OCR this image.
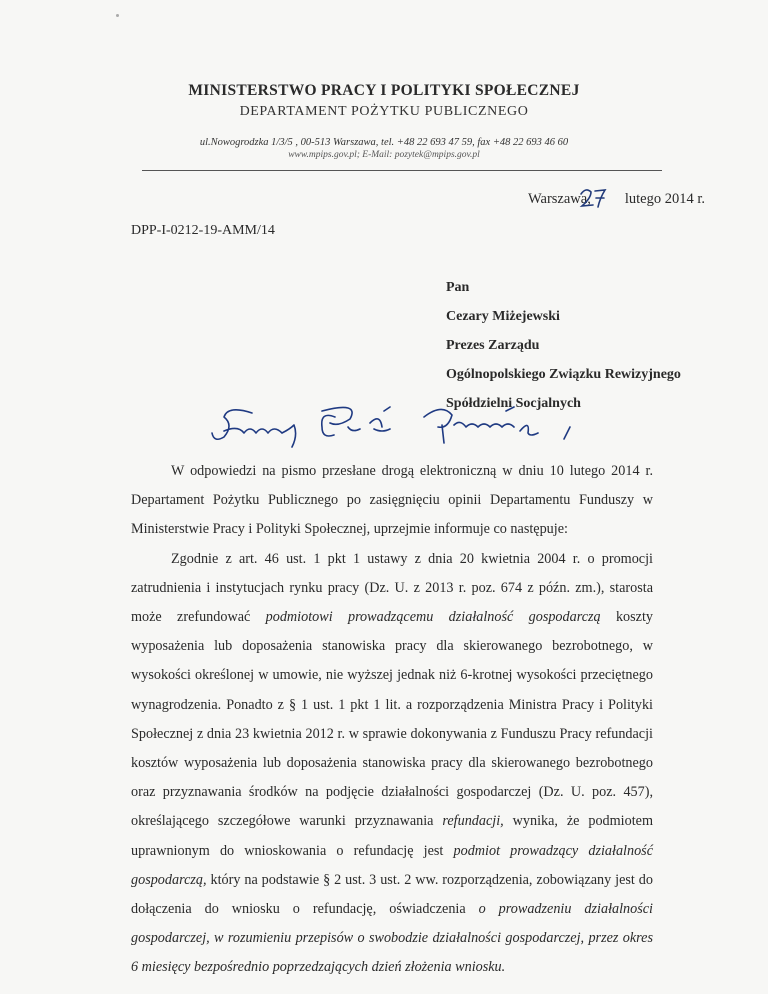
MINISTERSTWO PRACY I POLITYKI SPOŁECZNEJ
DEPARTAMENT POŻYTKU PUBLICZNEGO
ul.Nowogrodzka 1/3/5 , 00-513 Warszawa, tel. +48 22 693 47 59, fax +48 22 693 46 60
www.mpips.gov.pl; E-Mail: pozytek@mpips.gov.pl
Warszawa, lutego 2014 r.
DPP-I-0212-19-AMM/14
Pan
Cezary Miżejewski
Prezes Zarządu
Ogólnopolskiego Związku Rewizyjnego
Spółdzielni Socjalnych

W odpowiedzi na pismo przesłane drogą elektroniczną w dniu 10 lutego 2014 r. Departament Pożytku Publicznego po zasięgnięciu opinii Departamentu Funduszy w Ministerstwie Pracy i Polityki Społecznej, uprzejmie informuje co następuje:

Zgodnie z art. 46 ust. 1 pkt 1 ustawy z dnia 20 kwietnia 2004 r. o promocji zatrudnienia i instytucjach rynku pracy (Dz. U. z 2013 r. poz. 674 z późn. zm.), starosta może zrefundować podmiotowi prowadzącemu działalność gospodarczą koszty wyposażenia lub doposażenia stanowiska pracy dla skierowanego bezrobotnego, w wysokości określonej w umowie, nie wyższej jednak niż 6-krotnej wysokości przeciętnego wynagrodzenia. Ponadto z § 1 ust. 1 pkt 1 lit. a rozporządzenia Ministra Pracy i Polityki Społecznej z dnia 23 kwietnia 2012 r. w sprawie dokonywania z Funduszu Pracy refundacji kosztów wyposażenia lub doposażenia stanowiska pracy dla skierowanego bezrobotnego oraz przyznawania środków na podjęcie działalności gospodarczej (Dz. U. poz. 457), określającego szczegółowe warunki przyznawania refundacji, wynika, że podmiotem uprawnionym do wnioskowania o refundację jest podmiot prowadzący działalność gospodarczą, który na podstawie § 2 ust. 3 ust. 2 ww. rozporządzenia, zobowiązany jest do dołączenia do wniosku o refundację, oświadczenia o prowadzeniu działalności gospodarczej, w rozumieniu przepisów o swobodzie działalności gospodarczej, przez okres 6 miesięcy bezpośrednio poprzedzających dzień złożenia wniosku.
